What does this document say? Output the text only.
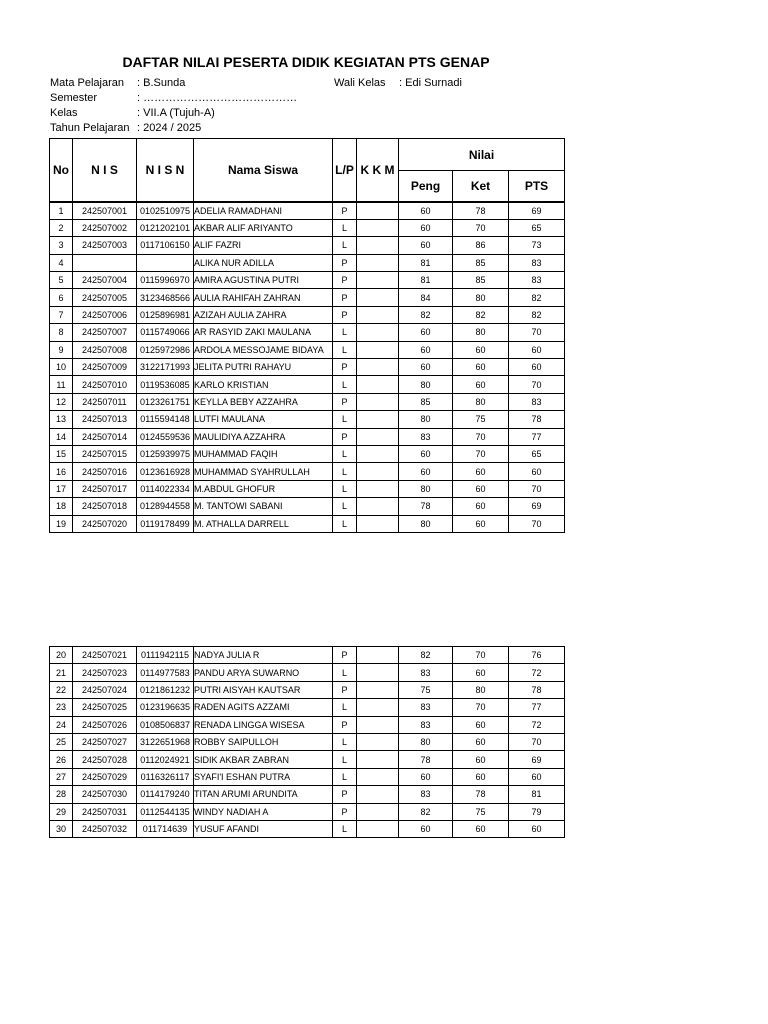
DAFTAR NILAI PESERTA DIDIK KEGIATAN PTS GENAP
Mata Pelajaran : B.Sunda
Semester	: ……………………………………
Kelas	: VII.A (Tujuh-A)
Tahun Pelajaran : 2024 / 2025
Wali Kelas : Edi Surnadi
No	N I S	N I S N	Nama Siswa	L/P	K K M	Nilai		
						Peng	Ket	PTS
1	242507001	0102510975	ADELIA RAMADHANI	P		60	78	69
2	242507002	0121202101	AKBAR ALIF ARIYANTO	L		60	70	65
3	242507003	0117106150	ALIF FAZRI	L		60	86	73
4			ALIKA NUR ADILLA	P		81	85	83
5	242507004	0115996970	AMIRA AGUSTINA PUTRI	P		81	85	83
6	242507005	3123468566	AULIA RAHIFAH ZAHRAN	P		84	80	82
7	242507006	0125896981	AZIZAH AULIA ZAHRA	P		82	82	82
8	242507007	0115749066	AR RASYID ZAKI MAULANA	L		60	80	70
9	242507008	0125972986	ARDOLA MESSOJAME BIDAYA	L		60	60	60
10	242507009	3122171993	JELITA PUTRI RAHAYU	P		60	60	60
11	242507010	0119536085	KARLO KRISTIAN	L		80	60	70
12	242507011	0123261751	KEYLLA BEBY AZZAHRA	P		85	80	83
13	242507013	0115594148	LUTFI MAULANA	L		80	75	78
14	242507014	0124559536	MAULIDIYA AZZAHRA	P		83	70	77
15	242507015	0125939975	MUHAMMAD FAQIH	L		60	70	65
16	242507016	0123616928	MUHAMMAD SYAHRULLAH	L		60	60	60
17	242507017	0114022334	M.ABDUL GHOFUR	L		80	60	70
18	242507018	0128944558	M. TANTOWI SABANI	L		78	60	69
19	242507020	0119178499	M. ATHALLA DARRELL	L		80	60	70
20	242507021	0111942115	NADYA JULIA R	P		82	70	76
21	242507023	0114977583	PANDU ARYA SUWARNO	L		83	60	72
22	242507024	0121861232	PUTRI AISYAH KAUTSAR	P		75	80	78
23	242507025	0123196635	RADEN AGITS AZZAMI	L		83	70	77
24	242507026	0108506837	RENADA LINGGA WISESA	P		83	60	72
25	242507027	3122651968	ROBBY SAIPULLOH	L		80	60	70
26	242507028	0112024921	SIDIK AKBAR ZABRAN	L		78	60	69
27	242507029	0116326117	SYAFI'I ESHAN PUTRA	L		60	60	60
28	242507030	0114179240	TITAN ARUMI ARUNDITA	P		83	78	81
29	242507031	0112544135	WINDY NADIAH A	P		82	75	79
30	242507032	011714639	YUSUF AFANDI	L		60	60	60
